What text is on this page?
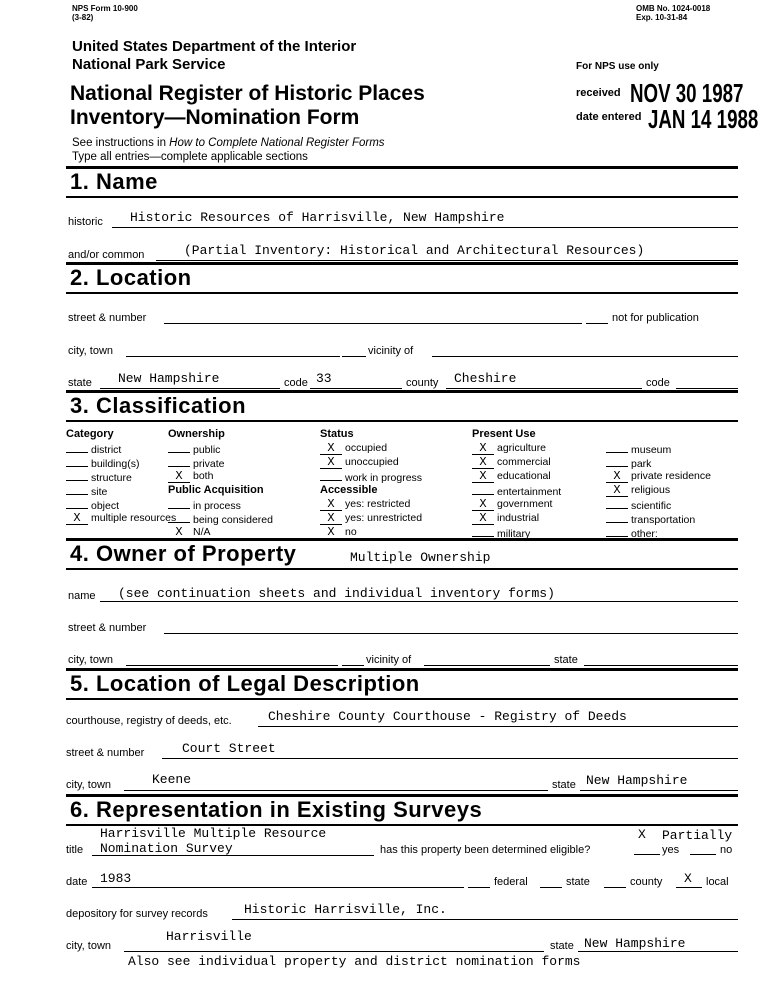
NPS Form 10-900
(3-82)
OMB No. 1024-0018
Exp. 10-31-84
United States Department of the Interior
National Park Service
National Register of Historic Places
Inventory—Nomination Form
See instructions in How to Complete National Register Forms
Type all entries—complete applicable sections
For NPS use only
received NOV 30 1987
date entered JAN 14 1988
1. Name
historic Historic Resources of Harrisville, New Hampshire
and/or common	(Partial Inventory: Historical and Architectural Resources)
2. Location
street & number	not for publication
city, town	vicinity of
state New Hampshire	code 33	county Cheshire	code
3. Classification
Category
district
building(s)
structure
site
object
X multiple resources
Ownership
public
private
X both
Public Acquisition
in process
being considered
X N/A
Status
X occupied
X unoccupied
work in progress
Accessible
X yes: restricted
X yes: unrestricted
X no
Present Use
X agriculture
X commercial
X educational
entertainment
X government
X industrial
military
museum
park
X private residence
X religious
scientific
transportation
other:
4. Owner of Property	Multiple Ownership
name (see continuation sheets and individual inventory forms)
street & number
city, town	vicinity of	state
5. Location of Legal Description
courthouse, registry of deeds, etc.	Cheshire County Courthouse - Registry of Deeds
street & number	Court Street
city, town	Keene	state New Hampshire
6. Representation in Existing Surveys
Harrisville Multiple Resource
title Nomination Survey	has this property been determined eligible?
X Partially
yes	no
date 1983	federal	state	county X local
depository for survey records	Historic Harrisville, Inc.
Harrisville
city, town	state New Hampshire
Also see individual property and district nomination forms
